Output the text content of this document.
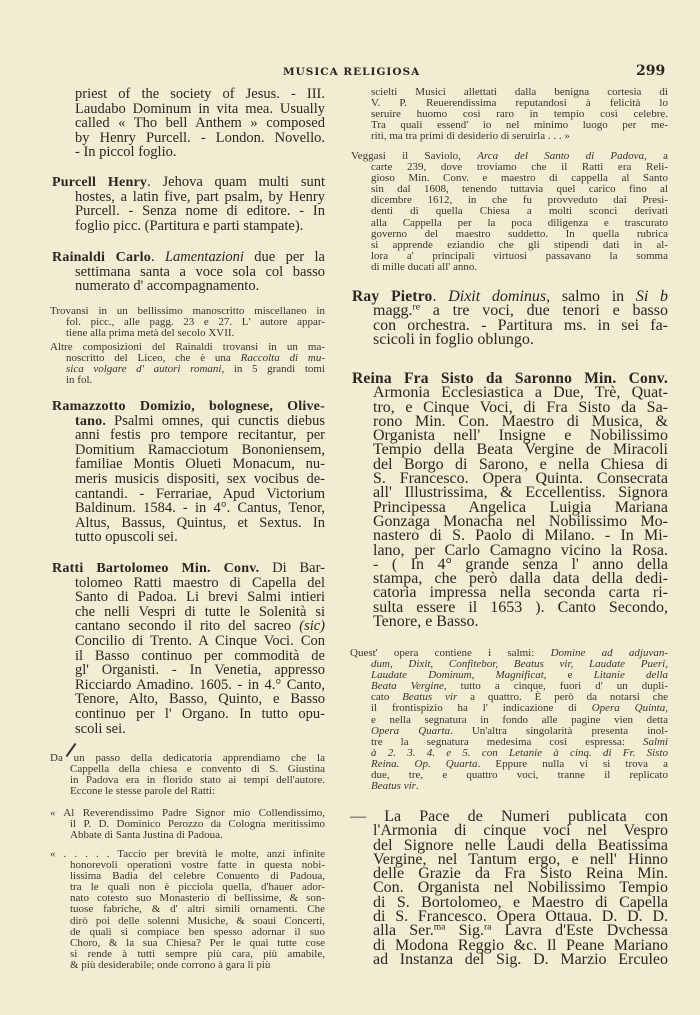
MUSICA RELIGIOSA	299
priest of the society of Jesus. - III.
Laudabo Dominum in vita mea. Usually
called « Tho bell Anthem » composed
by Henry Purcell. - London. Novello.
- In piccol foglio.
Purcell Henry. Jehova quam multi sunt
hostes, a latin five, part psalm, by Henry
Purcell. - Senza nome di editore. - In
foglio picc. (Partitura e parti stampate).
Rainaldi Carlo. Lamentazioni due per la
settimana santa a voce sola col basso
numerato d' accompagnamento.
Trovansi in un bellissimo manoscritto miscellaneo in
fol. picc., alle pagg. 23 e 27. L' autore appar-
tiene alla prima metà del secolo XVII.
Altre composizioni del Rainaldi trovansi in un ma-
noscritto del Liceo, che è una Raccolta di mu-
sica volgare d' autori romani, in 5 grandi tomi
in fol.
Ramazzotto Domizio, bolognese, Olive-
tano. Psalmi omnes, qui cunctis diebus
anni festis pro tempore recitantur, per
Domitium Ramacciotum Bononiensem,
familiae Montis Olueti Monacum, nu-
meris musicis dispositi, sex vocibus de-
cantandi. - Ferrariae, Apud Victorium
Baldinum. 1584. - in 4°. Cantus, Tenor,
Altus, Bassus, Quintus, et Sextus. In
tutto opuscoli sei.
Ratti Bartolomeo Min. Conv. Di Bar-
tolomeo Ratti maestro di Capella del
Santo di Padoa. Li brevi Salmi intieri
che nelli Vespri di tutte le Solenità si
cantano secondo il rito del sacreo (sic)
Concilio di Trento. A Cinque Voci. Con
il Basso continuo per commodità de
gl' Organisti. - In Venetia, appresso
Ricciardo Amadino. 1605. - in 4.° Canto,
Tenore, Alto, Basso, Quinto, e Basso
continuo per l' Organo. In tutto opu-
scoli sei.
Da un passo della dedicatoria apprendiamo che la
Cappella della chiesa e convento di S. Giustina
in Padova era in florido stato ai tempi dell'autore.
Eccone le stesse parole del Ratti:
« Al Reverendissimo Padre Signor mio Collendissimo,
il P. D. Dominico Perozzo da Cologna meritissimo
Abbate di Santa Justina di Padoua.
« . . . . . Taccio per brevità le molte, anzi infinite
honorevoli operationi vostre fatte in questa nobi-
lissima Badia del celebre Conuento di Padoua,
tra le quali non è picciola quella, d'hauer ador-
nato cotesto suo Monasterio di bellissime, & son-
tuose fabriche, & d' altri simili ornamenti. Che
dirò poi delle solenni Musiche, & soaui Concerti,
de quali si compiace ben spesso adornar il suo
Choro, & la sua Chiesa? Per le quai tutte cose
si rende à tutti sempre più cara, più amabile,
& più desiderabile; onde corrono à gara li più
scielti Musici allettati dalla benigna cortesia di
V. P. Reuerendissima reputandosi à felicità lo
seruire huomo così raro in tempio così celebre.
Tra quali essend' io nel minimo luogo per me-
riti, ma tra primi di desiderio di seruirla . . . »
Veggasi il Saviolo, Arca del Santo di Padova, a
carte 239, dove troviamo che il Ratti era Reli-
gioso Min. Conv. e maestro di cappella al Santo
sin dal 1608, tenendo tuttavia quel carico fino al
dicembre 1612, in che fu provveduto dai Presi-
denti di quella Chiesa a molti sconci derivati
alla Cappella per la poca diligenza e trascurato
governo del maestro suddetto. In quella rubrica
si apprende eziandio che gli stipendi dati in al-
lora a' principali virtuosi passavano la somma
di mille ducati all' anno.
Ray Pietro. Dixit dominus, salmo in Si b
magg.$^{re}$ a tre voci, due tenori e basso
con orchestra. - Partitura ms. in sei fa-
scicoli in foglio oblungo.
Reina Fra Sisto da Saronno Min. Conv.
Armonia Ecclesiastica a Due, Trè, Quat-
tro, e Cinque Voci, di Fra Sisto da Sa-
rono Min. Con. Maestro di Musica, &
Organista nell' Insigne e Nobilissimo
Tempio della Beata Vergine de Miracoli
del Borgo di Sarono, e nella Chiesa di
S. Francesco. Opera Quinta. Consecrata
all' Illustrissima, & Eccellentiss. Signora
Principessa Angelica Luigia Mariana
Gonzaga Monacha nel Nobilissimo Mo-
nastero di S. Paolo di Milano. - In Mi-
lano, per Carlo Camagno vicino la Rosa.
- ( In 4° grande senza l' anno della
stampa, che però dalla data della dedi-
catoria impressa nella seconda carta ri-
sulta essere il 1653 ). Canto Secondo,
Tenore, e Basso.
Quest' opera contiene i salmi: Domine ad adjuvan-
dum, Dixit, Confitebor, Beatus vir, Laudate Pueri,
Laudate Dominum, Magnificat, e Litanie della
Beata Vergine, tutto a cinque, fuori d' un dupli-
cato Beatus vir a quattro. È però da notarsi che
il frontispizio ha l' indicazione di Opera Quinta,
e nella segnatura in fondo alle pagine vien detta
Opera Quarta. Un'altra singolarità presenta inol-
tre la segnatura medesima così espressa: Salmi
à 2. 3. 4. e 5. con Letanie à cinq. di Fr. Sisto
Reina. Op. Quarta. Eppure nulla vi si trova a
due, tre, e quattro voci, tranne il replicato
Beatus vir.
— La Pace de Numeri publicata con
l'Armonia di cinque voci nel Vespro
del Signore nelle Laudi della Beatissima
Vergine, nel Tantum ergo, e nell' Hinno
delle Grazie da Fra Sisto Reina Min.
Con. Organista nel Nobilissimo Tempio
di S. Bortolomeo, e Maestro di Capella
di S. Francesco. Opera Ottaua. D. D. D.
alla Ser.$^{ma}$ Sig.$^{ra}$ Lavra d'Este Dvchessa
di Modona Reggio &c. Il Peane Mariano
ad Instanza del Sig. D. Marzio Erculeo
